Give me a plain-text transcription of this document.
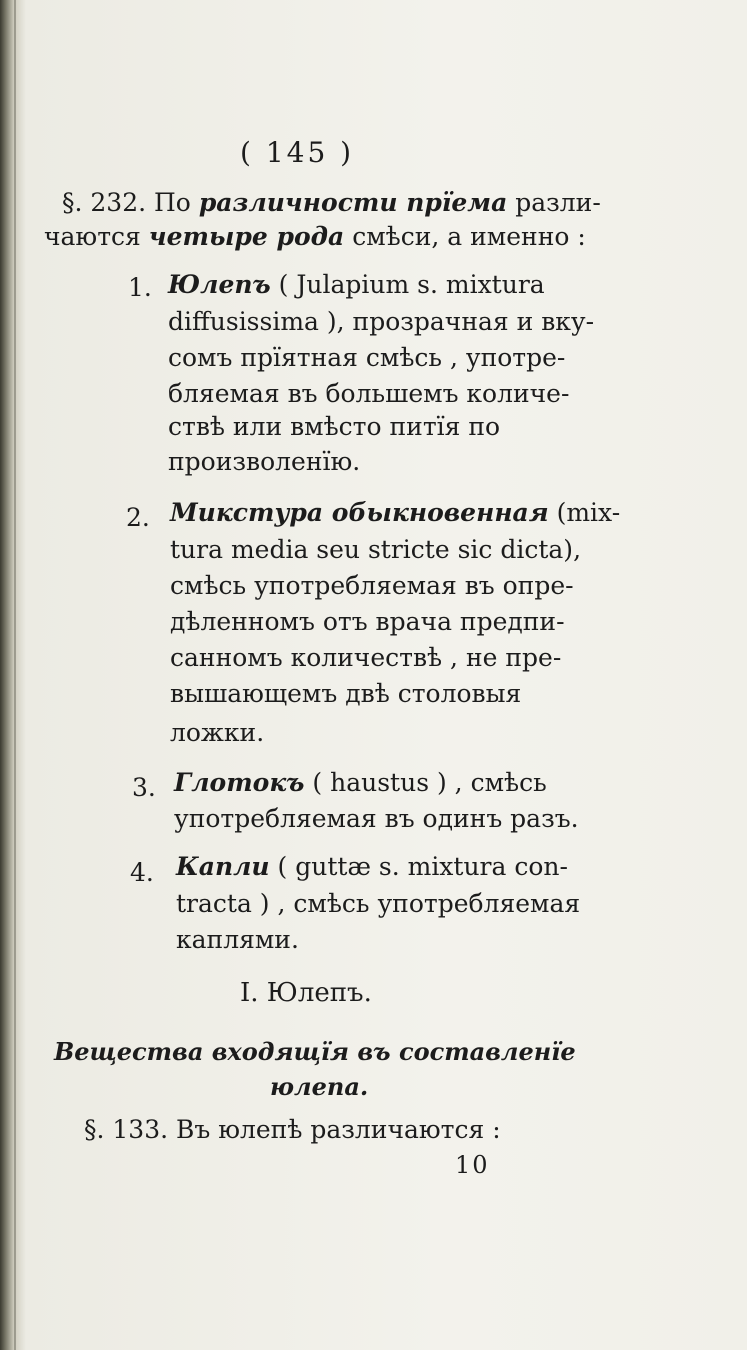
( 145 )
§. 232. По различности прїема разли-
чаются четыре рода смѣси, а именно :
1. Юлепъ ( Julapium s. mixtura
diffusissima ), прозрачная и вку-
сомъ прїятная смѣсь , употре-
бляемая въ большемъ количе-
ствѣ или вмѣсто питїя по
произволенїю.
2. Микстура обыкновенная (mix-
tura media seu stricte sic dicta),
смѣсь употребляемая въ опре-
дѣленномъ отъ врача предпи-
санномъ количествѣ , не пре-
вышающемъ двѣ столовыя
ложки.
3. Глотокъ ( haustus ) , смѣсь
употребляемая въ одинъ разъ.
4. Капли ( guttæ s. mixtura con-
tracta ) , смѣсь употребляемая
каплями.
I. Юлепъ.
Вещества входящїя въ составленїе
юлепа.
§. 133. Въ юлепѣ различаются :
10
